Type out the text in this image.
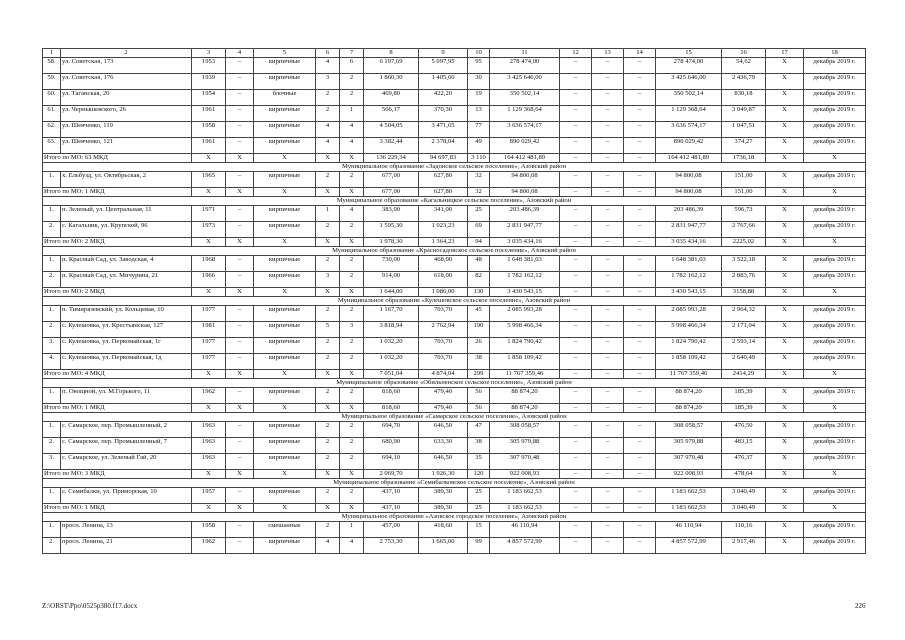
1	2	3	4	5	6	7	8	9	10	11	12	13	14	15	16	17	18
58.	ул. Советская, 173	1953	–	кирпичные	4	6	6 197,69	5 097,95	95	278 474,00	–	–	–	278 474,00	54,62	Х	декабрь 2019 г.
59.	ул. Советская, 176	1939	–	кирпичные	3	2	1 860,30	1 405,60	30	3 425 646,00	–	–	–	3 425 646,00	2 436,79	Х	декабрь 2019 г.
60.	ул. Таганская, 20	1954	–	блочные	2	2	469,80	422,20	19	350 502,14	–	–	–	350 502,14	830,18	Х	декабрь 2019 г.
61.	ул. Чернышевского, 26	1961	–	кирпичные	2	1	566,17	370,30	13	1 129 368,64	–	–	–	1 129 368,64	3 049,87	Х	декабрь 2019 г.
62.	ул. Шевченко, 119	1958	–	кирпичные	4	4	4 504,05	3 471,65	77	3 636 574,17	–	–	–	3 636 574,17	1 047,51	Х	декабрь 2019 г.
63.	ул. Шевченко, 121	1961	–	кирпичные	4	4	3 382,44	2 378,04	49	890 029,42	–	–	–	890 029,42	374,27	Х	декабрь 2019 г.
Итого по МО: 63 МКД		Х	Х	Х	Х	Х	136 229,34	94 697,83	3 110	164 412 481,89	–	–	–	164 412 481,89	1736,18	Х	Х
Муниципальное образование «Задонское сельское поселение», Азовский район																	
1.	х. Ельбузд, ул. Октябрьская, 2	1965	–	кирпичные	2	2	677,00	627,80	32	94 800,08	–	–	–	94 800,08	151,00	Х	декабрь 2019 г.
Итого по МО: 1 МКД		Х	Х	Х	Х	Х	677,00	627,80	32	94 800,08	–	–	–	94 800,08	151,00	Х	Х
Муниципальное образование «Кагальницкое сельское поселение», Азовский район																	
1.	п. Зеленый, ул. Центральная, 11	1971	–	кирпичные	1	4	383,00	341,00	25	203 486,39	–	–	–	203 486,39	596,73	Х	декабрь 2019 г.
2.	с. Кагальник, ул. Крупской, 96	1973	–	кирпичные	2	2	1 595,30	1 023,23	69	2 831 947,77	–	–	–	2 831 947,77	2 767,66	Х	декабрь 2019 г.
Итого по МО: 2 МКД		Х	Х	Х	Х	Х	1 978,30	1 364,23	94	3 035 434,16	–	–	–	3 035 434,16	2225,02	Х	Х
Муниципальное образование «Красносадовское сельское поселение», Азовский район																	
1.	п. Красный Сад, ул. Заводская, 4	1968	–	кирпичные	2	2	730,00	468,00	48	1 648 381,03	–	–	–	1 648 381,03	3 522,18	Х	декабрь 2019 г.
2.	п. Красный Сад, ул. Мичурина, 21	1966	–	кирпичные	3	2	914,00	618,00	82	1 782 162,12	–	–	–	1 782 162,12	2 883,76	Х	декабрь 2019 г.
Итого по МО: 2 МКД		Х	Х	Х	Х	Х	1 644,00	1 086,00	130	3 430 543,15	–	–	–	3 430 543,15	3158,88	Х	Х
Муниципальное образование «Кулешовское сельское поселение», Азовский район																	
1.	п. Тимирязевский, ул. Кольцевая, 10	1977	–	кирпичные	2	2	1 167,70	703,70	45	2 085 993,28	–	–	–	2 085 993,28	2 964,32	Х	декабрь 2019 г.
2.	с. Кулешовка, ул. Крестьянская, 127	1981	–	кирпичные	5	3	3 818,94	2 762,94	190	5 998 466,34	–	–	–	5 998 466,34	2 171,04	Х	декабрь 2019 г.
3.	с. Кулешовка, ул. Первомайская, 1г	1977	–	кирпичные	2	2	1 032,20	703,70	26	1 824 790,42	–	–	–	1 824 790,42	2 593,14	Х	декабрь 2019 г.
4.	с. Кулешовка, ул. Первомайская, 1д	1977	–	кирпичные	2	2	1 032,20	703,70	38	1 858 109,42	–	–	–	1 858 109,42	2 640,49	Х	декабрь 2019 г.
Итого по МО: 4 МКД		Х	Х	Х	Х	Х	7 051,04	4 874,04	299	11 767 359,46	–	–	–	11 767 359,46	2414,29	Х	Х
Муниципальное образование «Обильненское сельское поселение», Азовский район																	
1.	п. Овощной, ул. М.Горького, 11	1962	–	кирпичные	2	2	818,60	479,40	56	88 874,20	–	–	–	88 874,20	185,39	Х	декабрь 2019 г.
Итого по МО: 1 МКД		Х	Х	Х	Х	Х	818,60	479,40	56	88 874,20	–	–	–	88 874,20	185,39	Х	Х
Муниципальное образование «Самарское сельское поселение», Азовский район																	
1.	с. Самарское, пер. Промышленный, 2	1963	–	кирпичные	2	2	694,70	646,50	47	308 058,57	–	–	–	308 058,57	476,50	Х	декабрь 2019 г.
2.	с. Самарское, пер. Промышленный, 7	1963	–	кирпичные	2	2	680,90	633,30	38	305 979,88	–	–	–	305 979,88	483,15	Х	декабрь 2019 г.
3.	с. Самарское, ул. Зеленый Гай, 20	1963	–	кирпичные	2	2	694,10	646,50	35	307 970,48	–	–	–	307 970,48	476,37	Х	декабрь 2019 г.
Итого по МО: 3 МКД		Х	Х	Х	Х	Х	2 069,70	1 926,30	120	922 008,93	–	–	–	922 008,93	478,64	Х	Х
Муниципальное образование «Семибалковское сельское поселение», Азовский район																	
1.	с. Семибалки, ул. Приморская, 10	1957	–	кирпичные	2	2	437,10	389,30	25	1 183 662,53	–	–	–	1 183 662,53	3 040,49	Х	декабрь 2019 г.
Итого по МО: 1 МКД		Х	Х	Х	Х	Х	437,10	389,30	25	1 183 662,53	–	–	–	1 183 662,53	3 040,49	Х	Х
Муниципальное образование «Азовское городское поселение», Азовский район																	
1.	просп. Ленина, 13	1958	–	смешанные	2	1	457,00	418,60	15	46 110,94	–	–	–	46 110,94	110,16	Х	декабрь 2019 г.
2.	просп. Ленина, 21	1962	–	кирпичные	4	4	2 753,30	1 665,00	99	4 857 572,99	–	–	–	4 857 572,99	2 917,46	Х	декабрь 2019 г.
Z:\ORST\Ppo\0525p380.f17.docx	226
